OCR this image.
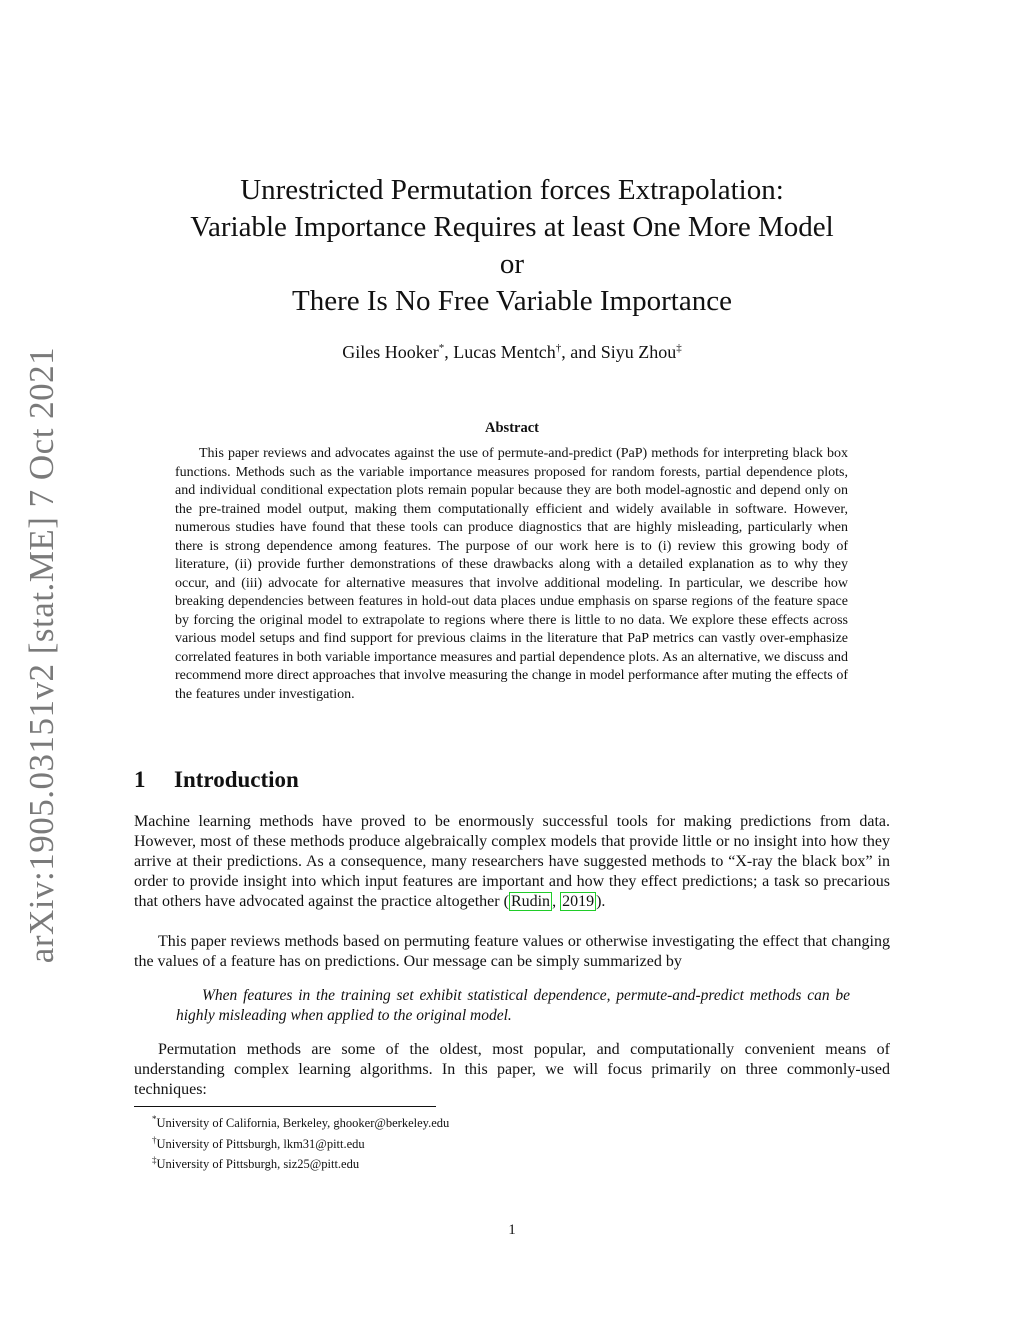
arXiv:1905.03151v2 [stat.ME] 7 Oct 2021
Unrestricted Permutation forces Extrapolation:
Variable Importance Requires at least One More Model
or
There Is No Free Variable Importance
Giles Hooker*, Lucas Mentch†, and Siyu Zhou‡
Abstract

This paper reviews and advocates against the use of permute-and-predict (PaP) methods for interpreting black box functions. Methods such as the variable importance measures proposed for random forests, partial dependence plots, and individual conditional expectation plots remain popular because they are both model-agnostic and depend only on the pre-trained model output, making them computationally efficient and widely available in software. However, numerous studies have found that these tools can produce diagnostics that are highly misleading, particularly when there is strong dependence among features. The purpose of our work here is to (i) review this growing body of literature, (ii) provide further demonstrations of these drawbacks along with a detailed explanation as to why they occur, and (iii) advocate for alternative measures that involve additional modeling. In particular, we describe how breaking dependencies between features in hold-out data places undue emphasis on sparse regions of the feature space by forcing the original model to extrapolate to regions where there is little to no data. We explore these effects across various model setups and find support for previous claims in the literature that PaP metrics can vastly over-emphasize correlated features in both variable importance measures and partial dependence plots. As an alternative, we discuss and recommend more direct approaches that involve measuring the change in model performance after muting the effects of the features under investigation.

1 Introduction

Machine learning methods have proved to be enormously successful tools for making predictions from data. However, most of these methods produce algebraically complex models that provide little or no insight into how they arrive at their predictions. As a consequence, many researchers have suggested methods to “X-ray the black box” in order to provide insight into which input features are important and how they effect predictions; a task so precarious that others have advocated against the practice altogether ( Rudin , 2019 ).

This paper reviews methods based on permuting feature values or otherwise investigating the effect that changing the values of a feature has on predictions. Our message can be simply summarized by

When features in the training set exhibit statistical dependence, permute-and-predict methods can be highly misleading when applied to the original model.

Permutation methods are some of the oldest, most popular, and computationally convenient means of understanding complex learning algorithms. In this paper, we will focus primarily on three commonly-used techniques:

*University of California, Berkeley, ghooker@berkeley.edu
†University of Pittsburgh, lkm31@pitt.edu
‡University of Pittsburgh, siz25@pitt.edu
1
